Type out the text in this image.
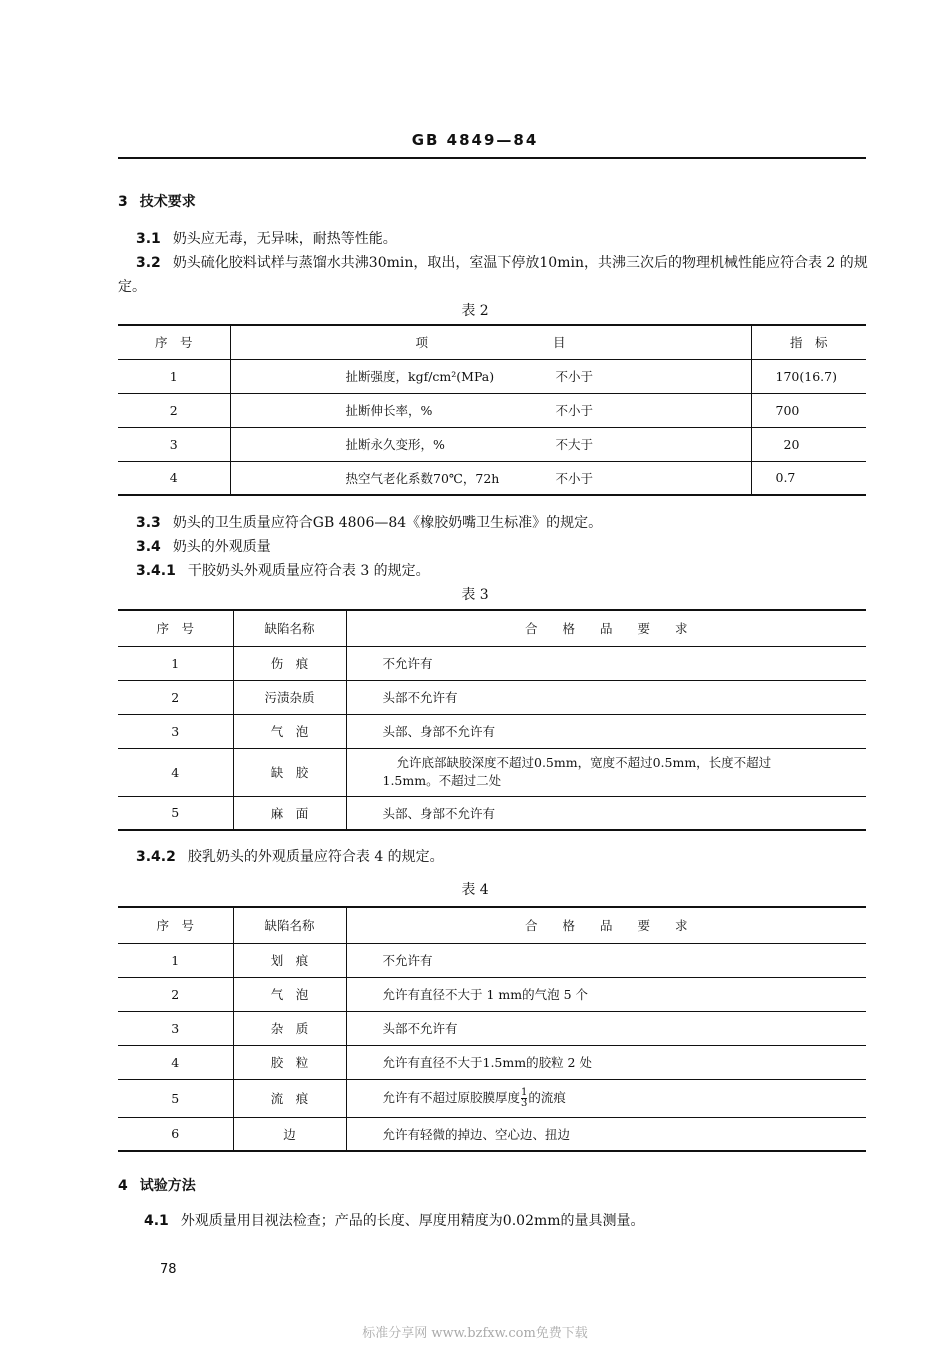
GB 4849—84
3 技术要求
3.1 奶头应无毒，无异味，耐热等性能。
3.2 奶头硫化胶料试样与蒸馏水共沸30min，取出，室温下停放10min，共沸三次后的物理机械性能应符合表 2 的规定。
表 2
序　号	项　　　　　　　　　　目	指　标
1	扯断强度，kgf/cm²(MPa) 不小于	170(16.7)
2	扯断伸长率，% 不小于	700
3	扯断永久变形，% 不大于	20
4	热空气老化系数70℃，72h 不小于	0.7
3.3 奶头的卫生质量应符合GB 4806—84《橡胶奶嘴卫生标准》的规定。
3.4 奶头的外观质量
3.4.1 干胶奶头外观质量应符合表 3 的规定。
表 3
序　号	缺陷名称	合　　格　　品　　要　　求
1	伤　痕	不允许有
2	污渍杂质	头部不允许有
3	气　泡	头部、身部不允许有
4	缺　胶	允许底部缺胶深度不超过0.5mm，宽度不超过0.5mm，长度不超过1.5mm。不超过二处
5	麻　面	头部、身部不允许有
3.4.2 胶乳奶头的外观质量应符合表 4 的规定。
表 4
序　号	缺陷名称	合　　格　　品　　要　　求
1	划　痕	不允许有
2	气　泡	允许有直径不大于 1 mm的气泡 5 个
3	杂　质	头部不允许有
4	胶　粒	允许有直径不大于1.5mm的胶粒 2 处
5	流　痕	允许有不超过原胶膜厚度 $\frac{1}{3}$ 的流痕
6	边	允许有轻微的掉边、空心边、扭边
4 试验方法
4.1 外观质量用目视法检查；产品的长度、厚度用精度为0.02mm的量具测量。
78
标准分享网 www.bzfxw.com免费下载
